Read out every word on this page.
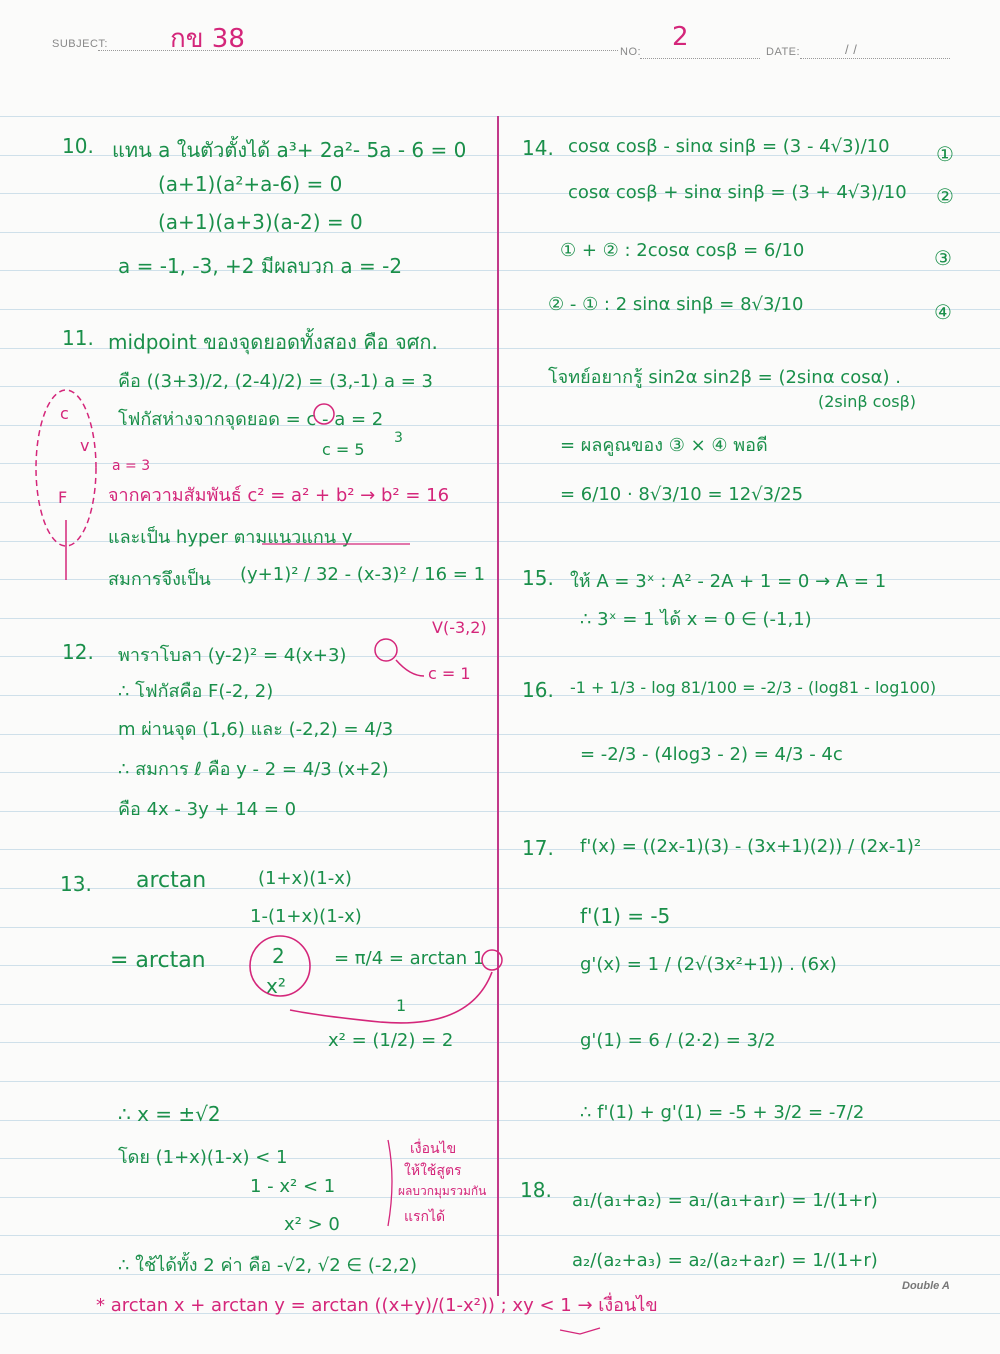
SUBJECT: กข 38	NO: 2	DATE:	/ /
10. แทน a ในตัวตั้งได้ a³+ 2a²- 5a - 6 = 0
(a+1)(a²+a-6) = 0
(a+1)(a+3)(a-2) = 0
a = -1, -3, +2 มีผลบวก a = -2
11. midpoint ของจุดยอดทั้งสอง คือ จศก.
คือ ((3+3)/2, (2-4)/2) = (3,-1) a = 3
โฟกัสห่างจากจุดยอด = c - a = 2
c = 5
3
จากความสัมพันธ์ c² = a² + b² → b² = 16
และเป็น hyper ตามแนวแกน y
สมการจึงเป็น (y+1)² / 32 - (x-3)² / 16 = 1
c
v
F
a = 3
V(-3,2)
12. พาราโบลา (y-2)² = 4(x+3)
c = 1
∴ โฟกัสคือ F(-2, 2)
m ผ่านจุด (1,6) และ (-2,2) = 4/3
∴ สมการ ℓ คือ y - 2 = 4/3 (x+2)
คือ 4x - 3y + 14 = 0
13. arctan	(1+x)(1-x)
1-(1+x)(1-x)
= arctan	2
x²
= π/4 = arctan 1
1
x² = (1/2) = 2
∴ x = ±√2
โดย (1+x)(1-x) < 1
1 - x² < 1
x² > 0
เงื่อนไข
ให้ใช้สูตร
ผลบวกมุมรวมกัน
แรกได้
∴ ใช้ได้ทั้ง 2 ค่า คือ -√2, √2 ∈ (-2,2)
* arctan x + arctan y = arctan ((x+y)/(1-x²)) ; xy < 1 → เงื่อนไข
14. cosα cosβ - sinα sinβ = (3 - 4√3)/10 ①
cosα cosβ + sinα sinβ = (3 + 4√3)/10 ②
① + ② : 2cosα cosβ = 6/10	③
② - ① : 2 sinα sinβ = 8√3/10	④
โจทย์อยากรู้ sin2α sin2β = (2sinα cosα) .
(2sinβ cosβ)
= ผลคูณของ ③ × ④ พอดี
= 6/10 · 8√3/10 = 12√3/25
15. ให้ A = 3ˣ : A² - 2A + 1 = 0 → A = 1
∴ 3ˣ = 1 ได้ x = 0 ∈ (-1,1)
16. -1 + 1/3 - log 81/100 = -2/3 - (log81 - log100)
= -2/3 - (4log3 - 2) = 4/3 - 4c
17. f'(x) = ((2x-1)(3) - (3x+1)(2)) / (2x-1)²
f'(1) = -5
g'(x) = 1 / (2√(3x²+1)) . (6x)
g'(1) = 6 / (2·2) = 3/2
∴ f'(1) + g'(1) = -5 + 3/2 = -7/2
18. a₁/(a₁+a₂) = a₁/(a₁+a₁r) = 1/(1+r)
a₂/(a₂+a₃) = a₂/(a₂+a₂r) = 1/(1+r)
Double A
